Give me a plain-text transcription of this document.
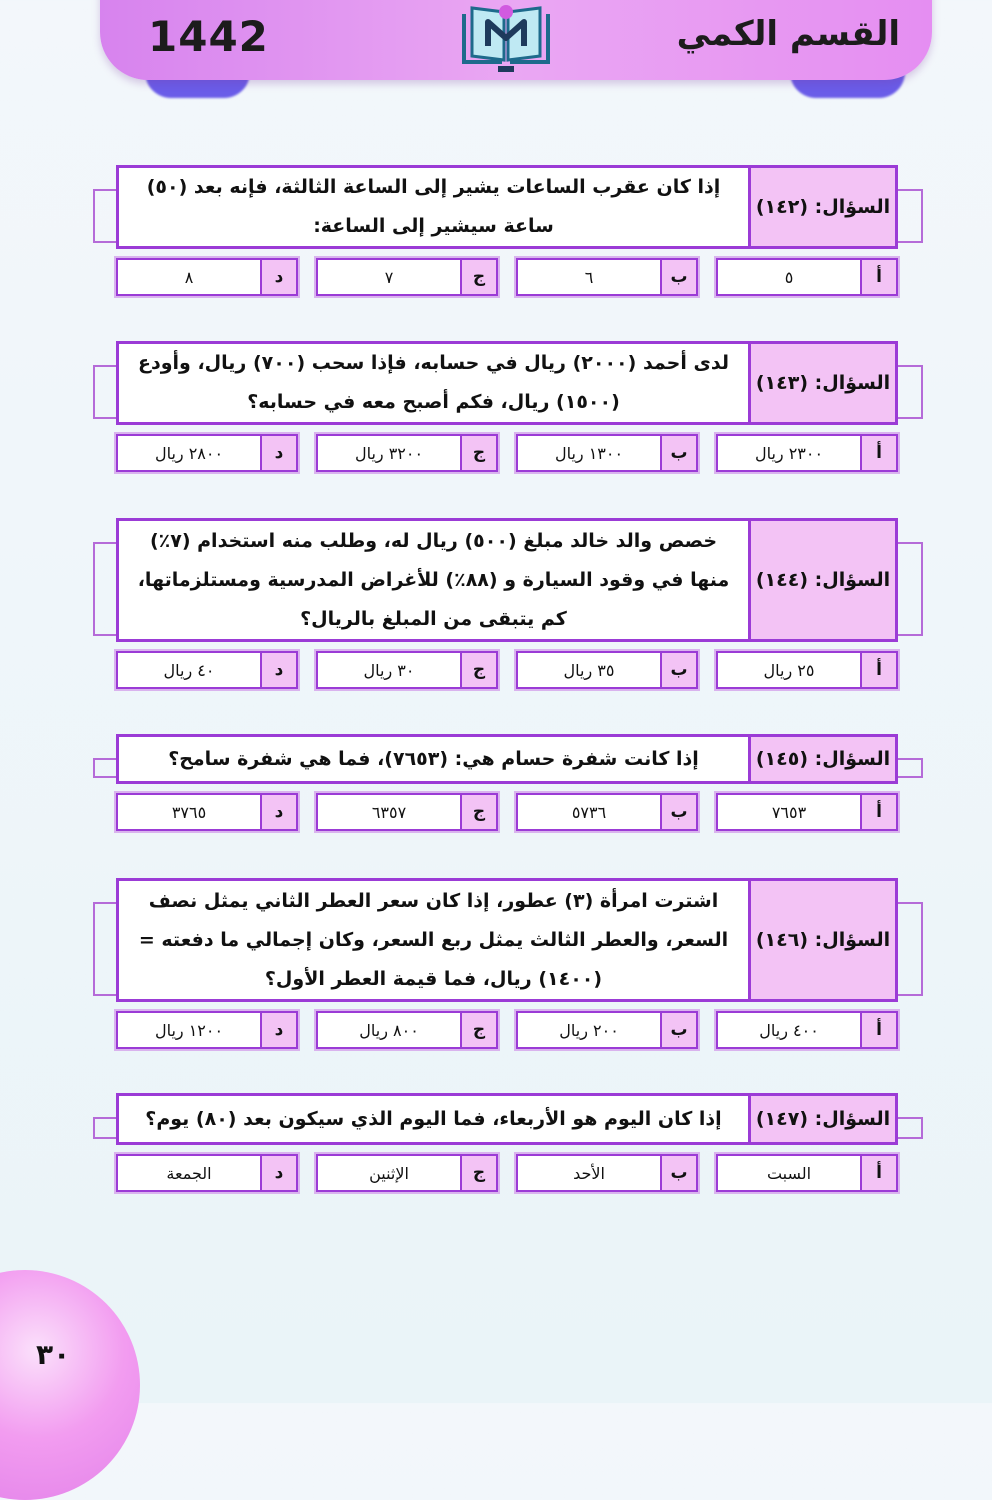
1442	القسم الكمي
السؤال: (١٤٢)
إذا كان عقرب الساعات يشير إلى الساعة الثالثة، فإنه بعد (٥٠) ساعة سيشير إلى الساعة:
أ
٥
ب
٦
ج
٧
د
٨
السؤال: (١٤٣)
لدى أحمد (٢٠٠٠) ريال في حسابه، فإذا سحب (٧٠٠) ريال، وأودع (١٥٠٠) ريال، فكم أصبح معه في حسابه؟
أ
٢٣٠٠ ريال
ب
١٣٠٠ ريال
ج
٣٢٠٠ ريال
د
٢٨٠٠ ريال
السؤال: (١٤٤)
خصص والد خالد مبلغ (٥٠٠) ريال له، وطلب منه استخدام (٧٪) منها في وقود السيارة و (٨٨٪) للأغراض المدرسية ومستلزماتها، كم يتبقى من المبلغ بالريال؟
أ
٢٥ ريال
ب
٣٥ ريال
ج
٣٠ ريال
د
٤٠ ريال
السؤال: (١٤٥)
إذا كانت شفرة حسام هي: (٧٦٥٣)، فما هي شفرة سامح؟
أ
٧٦٥٣
ب
٥٧٣٦
ج
٦٣٥٧
د
٣٧٦٥
السؤال: (١٤٦)
اشترت امرأة (٣) عطور، إذا كان سعر العطر الثاني يمثل نصف السعر، والعطر الثالث يمثل ربع السعر، وكان إجمالي ما دفعته = (١٤٠٠) ريال، فما قيمة العطر الأول؟
أ
٤٠٠ ريال
ب
٢٠٠ ريال
ج
٨٠٠ ريال
د
١٢٠٠ ريال
السؤال: (١٤٧)
إذا كان اليوم هو الأربعاء، فما اليوم الذي سيكون بعد (٨٠) يوم؟
أ
السبت
ب
الأحد
ج
الإثنين
د
الجمعة
٣٠
